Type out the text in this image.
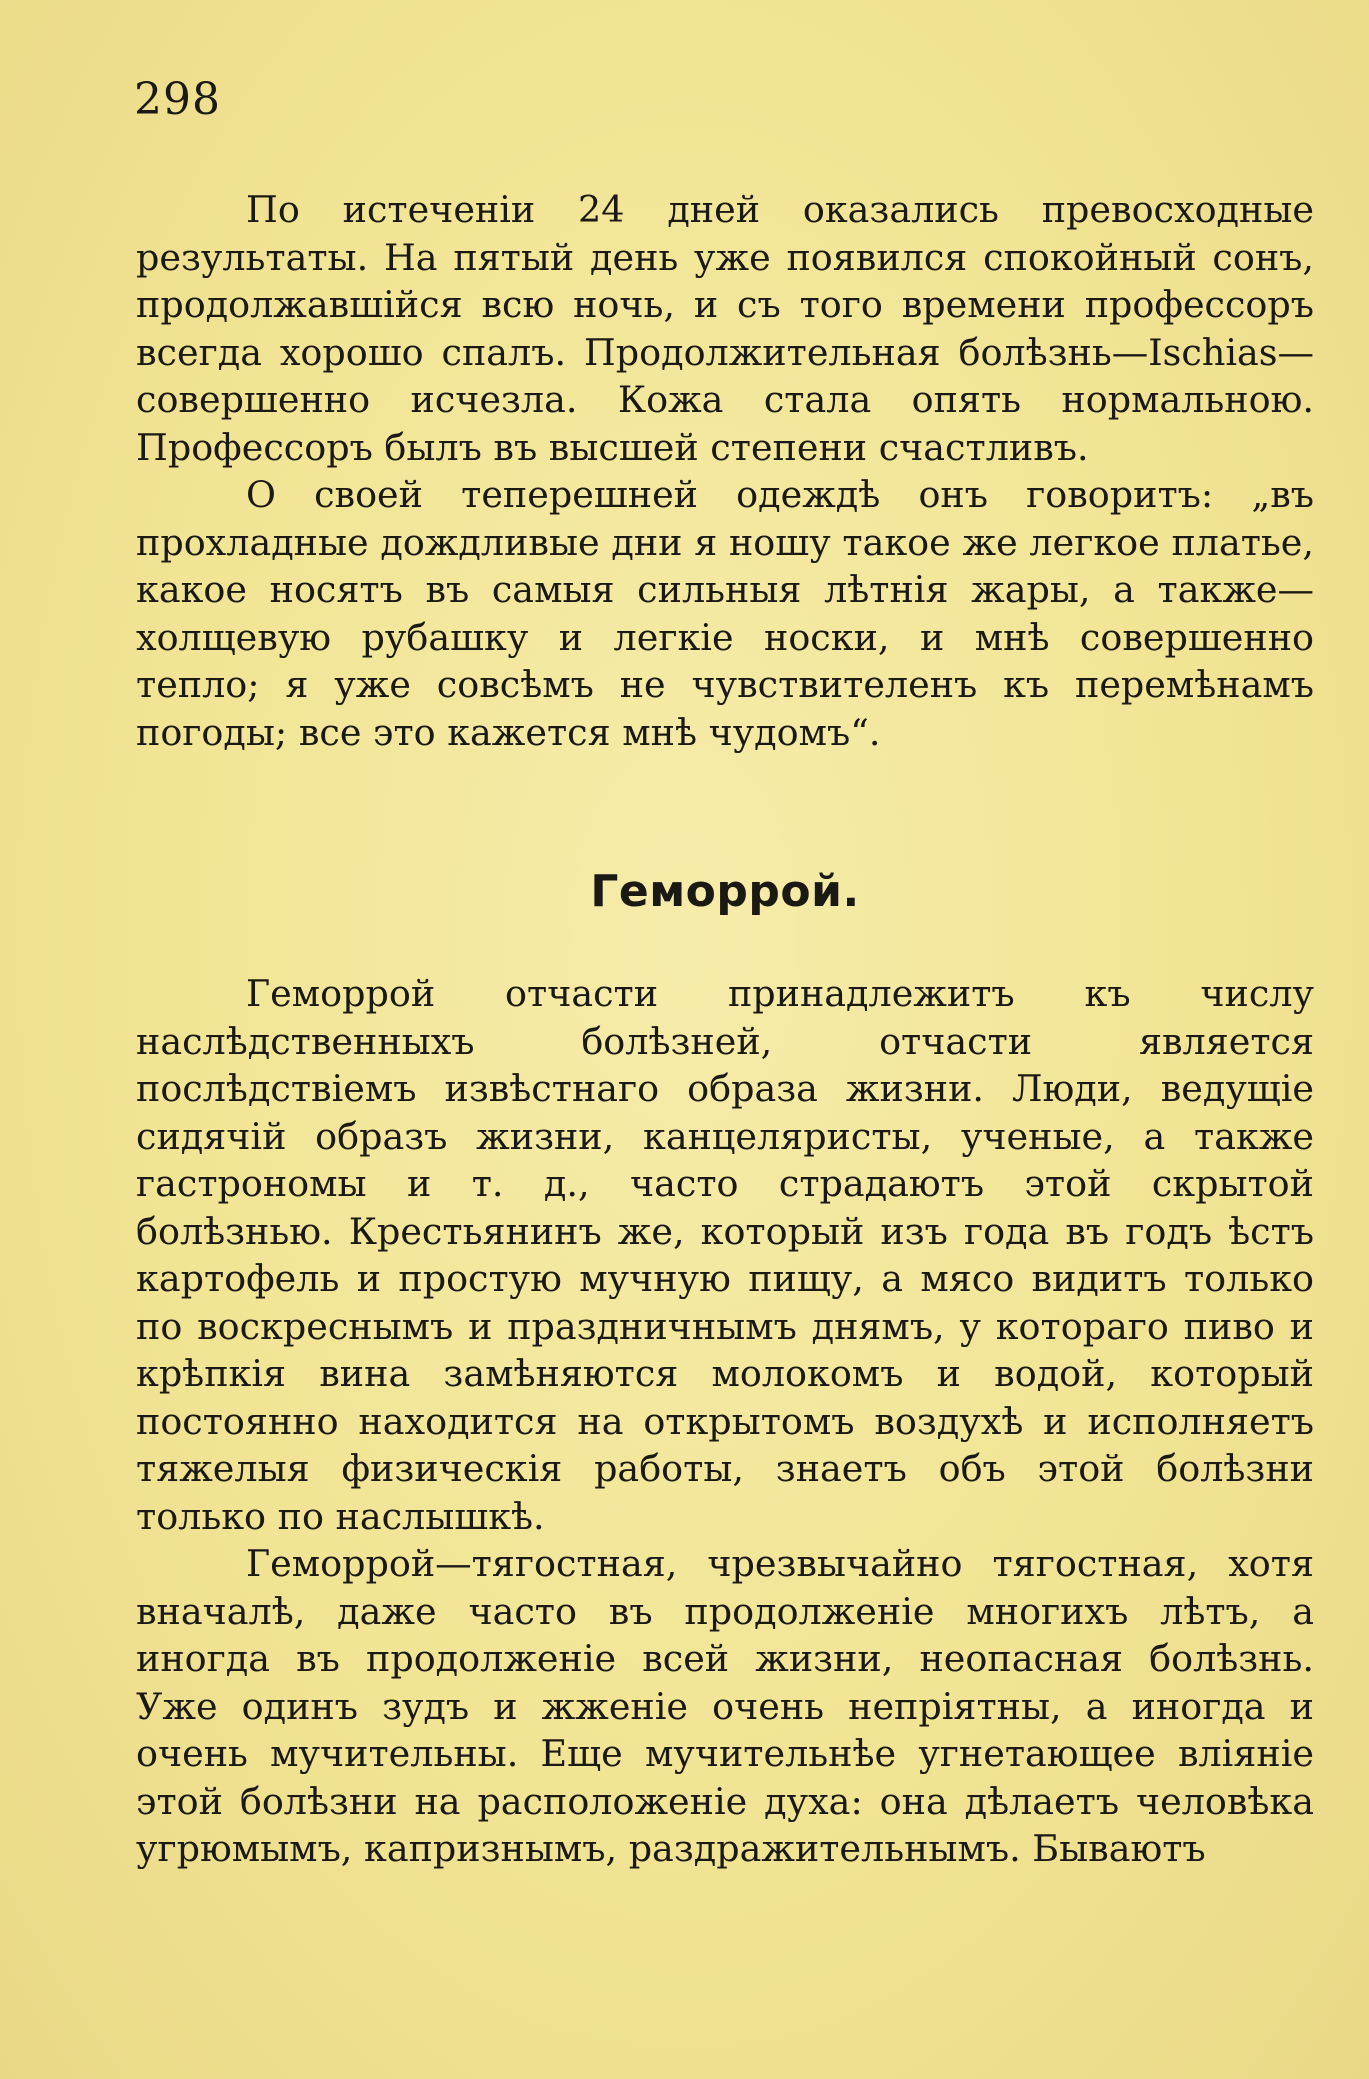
298

По истеченіи 24 дней оказались превосходные результаты. На пятый день уже появился спокойный сонъ, продолжавшійся всю ночь, и съ того времени профессоръ всегда хорошо спалъ. Продолжительная болѣзнь—Ischias—совершенно исчезла. Кожа стала опять нормальною. Профессоръ былъ въ высшей степени счастливъ.

О своей теперешней одеждѣ онъ говоритъ: „въ прохладные дождливые дни я ношу такое же легкое платье, какое носятъ въ самыя сильныя лѣтнія жары, а также—холщевую рубашку и легкіе носки, и мнѣ совершенно тепло; я уже совсѣмъ не чувствителенъ къ перемѣнамъ погоды; все это кажется мнѣ чудомъ“.

Геморрой.

Геморрой отчасти принадлежитъ къ числу наслѣдственныхъ болѣзней, отчасти является послѣдствіемъ извѣстнаго образа жизни. Люди, ведущіе сидячій образъ жизни, канцеляристы, ученые, а также гастрономы и т. д., часто страдаютъ этой скрытой болѣзнью. Крестьянинъ же, который изъ года въ годъ ѣстъ картофель и простую мучную пищу, а мясо видитъ только по воскреснымъ и праздничнымъ днямъ, у котораго пиво и крѣпкія вина замѣняются молокомъ и водой, который постоянно находится на открытомъ воздухѣ и исполняетъ тяжелыя физическія работы, знаетъ объ этой болѣзни только по наслышкѣ.

Геморрой—тягостная, чрезвычайно тягостная, хотя вначалѣ, даже часто въ продолженіе многихъ лѣтъ, а иногда въ продолженіе всей жизни, неопасная болѣзнь. Уже одинъ зудъ и жженіе очень непріятны, а иногда и очень мучительны. Еще мучительнѣе угнетающее вліяніе этой болѣзни на расположеніе духа: она дѣлаетъ человѣка угрюмымъ, капризнымъ, раздражительнымъ. Бываютъ
